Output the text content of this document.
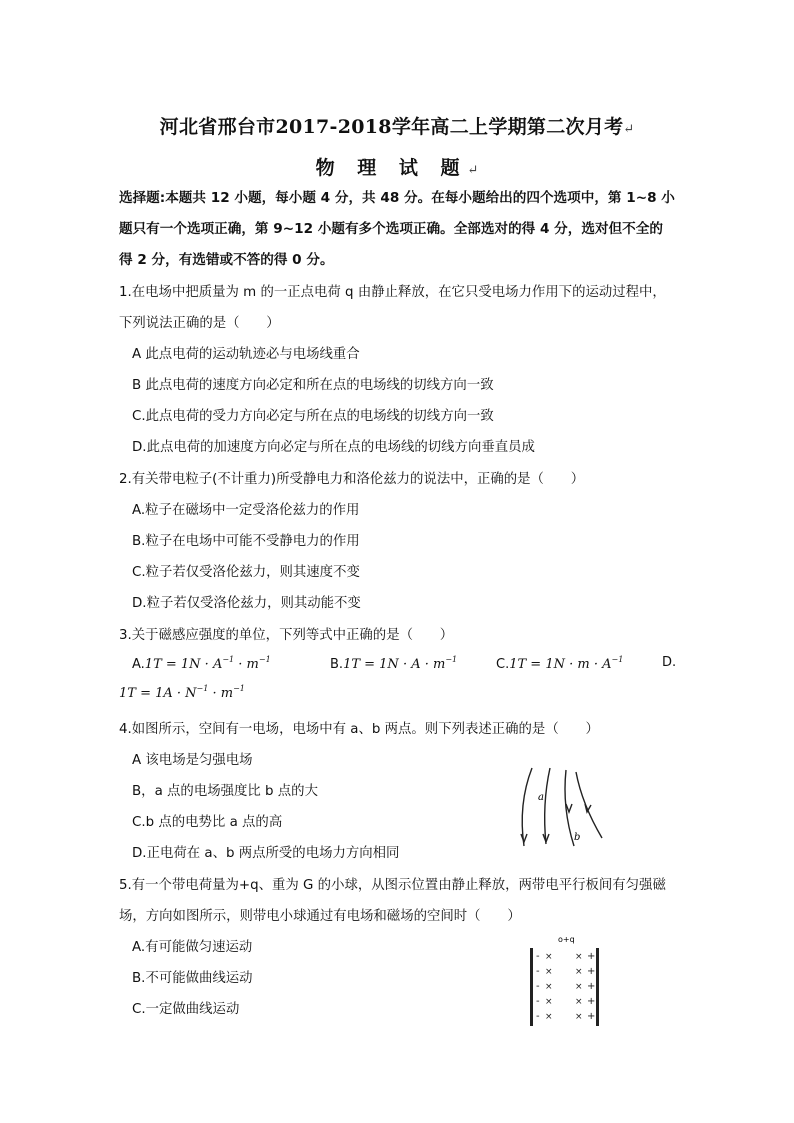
河北省邢台市2017-2018学年高二上学期第二次月考↵
物 理 试 题↵
选择题:本题共 12 小题，每小题 4 分，共 48 分。在每小题给出的四个选项中，第 1~8 小
题只有一个选项正确，第 9~12 小题有多个选项正确。全部选对的得 4 分，选对但不全的
得 2 分，有选错或不答的得 0 分。
1.在电场中把质量为 m 的一正点电荷 q 由静止释放，在它只受电场力作用下的运动过程中，
下列说法正确的是（　　）
A 此点电荷的运动轨迹必与电场线重合
B 此点电荷的速度方向必定和所在点的电场线的切线方向一致
C.此点电荷的受力方向必定与所在点的电场线的切线方向一致
D.此点电荷的加速度方向必定与所在点的电场线的切线方向垂直员成
2.有关带电粒子(不计重力)所受静电力和洛伦兹力的说法中，正确的是（　　）
A.粒子在磁场中一定受洛伦兹力的作用
B.粒子在电场中可能不受静电力的作用
C.粒子若仅受洛伦兹力，则其速度不变
D.粒子若仅受洛伦兹力，则其动能不变
3.关于磁感应强度的单位，下列等式中正确的是（　　）
$A.1T = 1N \cdot A^{-1} \cdot m^{-1}$	$B.1T = 1N \cdot A \cdot m^{-1}$	$C.1T = 1N \cdot m \cdot A^{-1}$	D.
$1T = 1A \cdot N^{-1} \cdot m^{-1}$
4.如图所示，空间有一电场，电场中有 a、b 两点。则下列表述正确的是（　　）
A 该电场是匀强电场
B，a 点的电场强度比 b 点的大
C.b 点的电势比 a 点的高
D.正电荷在 a、b 两点所受的电场力方向相同
a
b
5.有一个带电荷量为+q、重为 G 的小球，从图示位置由静止释放，两带电平行板间有匀强磁
场，方向如图所示，则带电小球通过有电场和磁场的空间时（　　）
A.有可能做匀速运动
B.不可能做曲线运动
C.一定做曲线运动
o+q
-
-
-
-
-
+
+
+
+
+
× ×
× ×
× ×
× ×
× ×
